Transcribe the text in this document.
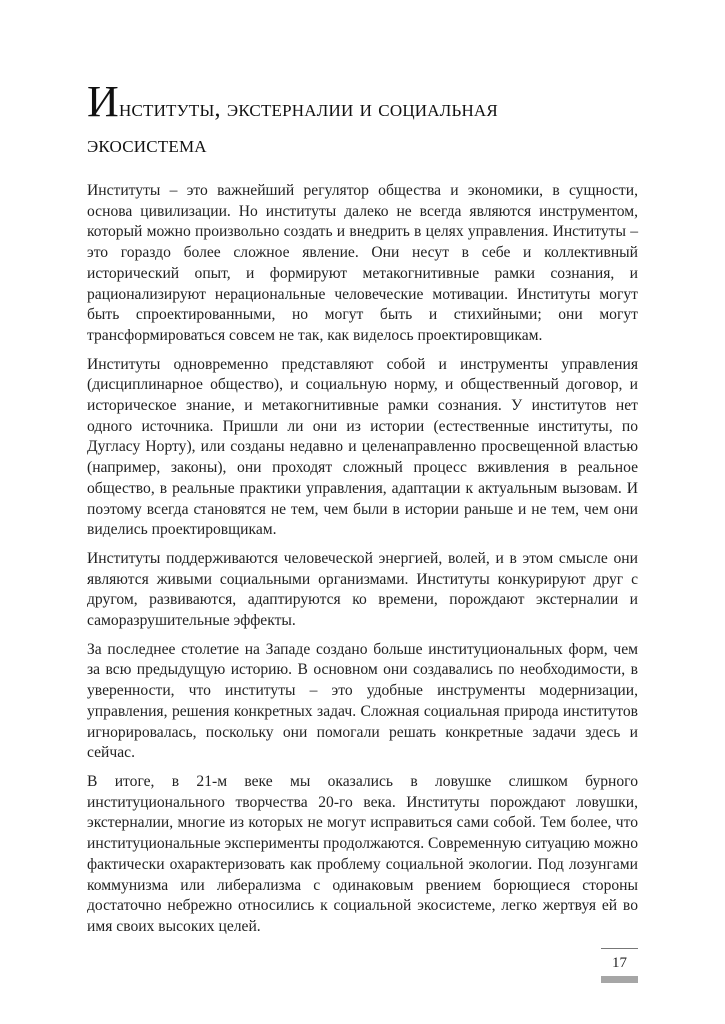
Институты, экстерналии и социальная
экосистема

Институты – это важнейший регулятор общества и экономики, в сущности, основа цивилизации. Но институты далеко не всегда являются инструментом, который можно произвольно создать и внедрить в целях управления. Институты – это гораздо более сложное явление. Они несут в себе и коллективный исторический опыт, и формируют метакогнитивные рамки сознания, и рационализируют нерациональные человеческие мотивации. Институты могут быть спроектированными, но могут быть и стихийными; они могут трансформироваться совсем не так, как виделось проектировщикам.

Институты одновременно представляют собой и инструменты управления (дисциплинарное общество), и социальную норму, и общественный договор, и историческое знание, и метакогнитивные рамки сознания. У институтов нет одного источника. Пришли ли они из истории (естественные институты, по Дугласу Норту), или созданы недавно и целенаправленно просвещенной властью (например, законы), они проходят сложный процесс вживления в реальное общество, в реальные практики управления, адаптации к актуальным вызовам. И поэтому всегда становятся не тем, чем были в истории раньше и не тем, чем они виделись проектировщикам.

Институты поддерживаются человеческой энергией, волей, и в этом смысле они являются живыми социальными организмами. Институты конкурируют друг с другом, развиваются, адаптируются ко времени, порождают экстерналии и саморазрушительные эффекты.

За последнее столетие на Западе создано больше институциональных форм, чем за всю предыдущую историю. В основном они создавались по необходимости, в уверенности, что институты – это удобные инструменты модернизации, управления, решения конкретных задач. Сложная социальная природа институтов игнорировалась, поскольку они помогали решать конкретные задачи здесь и сейчас.

В итоге, в 21-м веке мы оказались в ловушке слишком бурного институционального творчества 20-го века. Институты порождают ловушки, экстерналии, многие из которых не могут исправиться сами собой. Тем более, что институциональные эксперименты продолжаются. Современную ситуацию можно фактически охарактеризовать как проблему социальной экологии. Под лозунгами коммунизма или либерализма с одинаковым рвением борющиеся стороны достаточно небрежно относились к социальной экосистеме, легко жертвуя ей во имя своих высоких целей.

17
